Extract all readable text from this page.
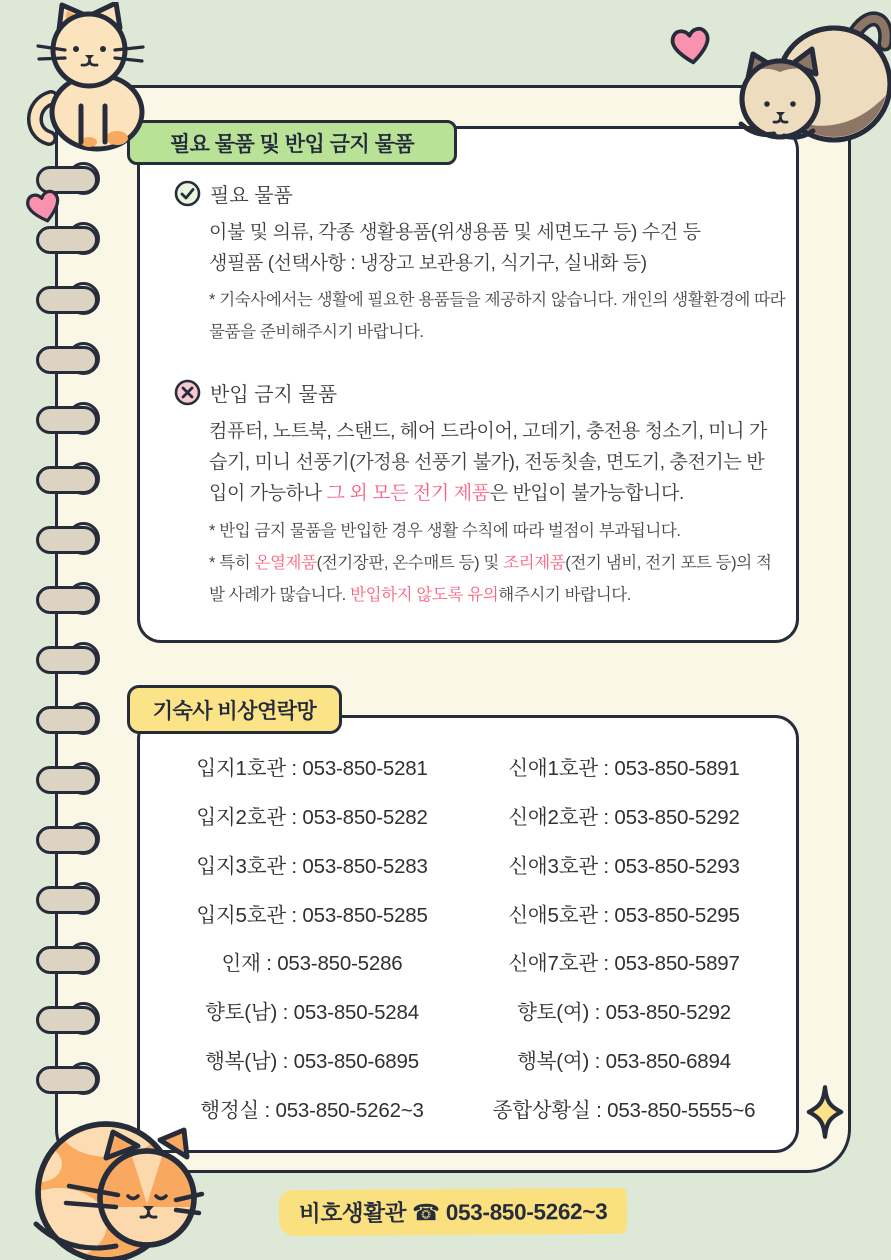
필요 물품
이불 및 의류, 각종 생활용품(위생용품 및 세면도구 등) 수건 등
생필품 (선택사항 : 냉장고 보관용기, 식기구, 실내화 등)
* 기숙사에서는 생활에 필요한 용품들을 제공하지 않습니다. 개인의 생활환경에 따라 물품을 준비해주시기 바랍니다.
반입 금지 물품
컴퓨터, 노트북, 스탠드, 헤어 드라이어, 고데기, 충전용 청소기, 미니 가습기, 미니 선풍기(가정용 선풍기 불가), 전동칫솔, 면도기, 충전기는 반입이 가능하나 그 외 모든 전기 제품은 반입이 불가능합니다.
* 반입 금지 물품을 반입한 경우 생활 수칙에 따라 벌점이 부과됩니다.
* 특히 온열제품(전기장판, 온수매트 등) 및 조리제품(전기 냄비, 전기 포트 등)의 적발 사례가 많습니다. 반입하지 않도록 유의해주시기 바랍니다.
입지1호관 : 053-850-5281	신애1호관 : 053-850-5891
입지2호관 : 053-850-5282	신애2호관 : 053-850-5292
입지3호관 : 053-850-5283	신애3호관 : 053-850-5293
입지5호관 : 053-850-5285	신애5호관 : 053-850-5295
인재 : 053-850-5286	신애7호관 : 053-850-5897
향토(남) : 053-850-5284	향토(여) : 053-850-5292
행복(남) : 053-850-6895	행복(여) : 053-850-6894
행정실 : 053-850-5262~3	종합상황실 : 053-850-5555~6
필요 물품 및 반입 금지 물품
기숙사 비상연락망
비호생활관 ☎ 053-850-5262~3
